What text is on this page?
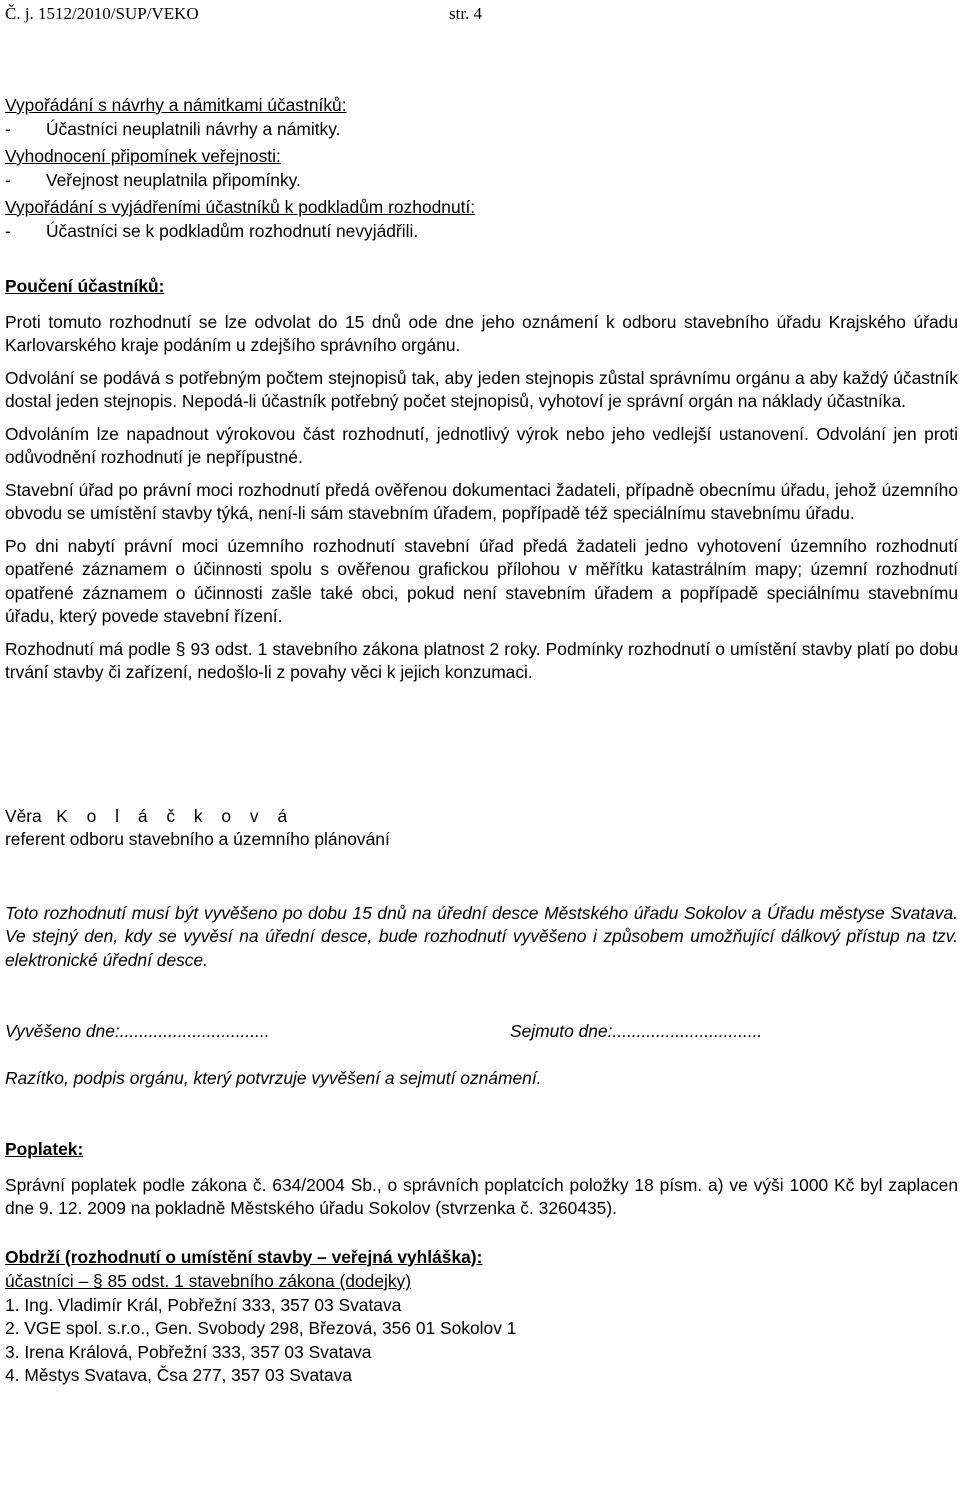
Č. j. 1512/2010/SUP/VEKO	str. 4

Vypořádání s návrhy a námitkami účastníků:

-	Účastníci neuplatnili návrhy a námitky.

Vyhodnocení připomínek veřejnosti:

-	Veřejnost neuplatnila připomínky.

Vypořádání s vyjádřeními účastníků k podkladům rozhodnutí:

-	Účastníci se k podkladům rozhodnutí nevyjádřili.

Poučení účastníků:

Proti tomuto rozhodnutí se lze odvolat do 15 dnů ode dne jeho oznámení k odboru stavebního úřadu Krajského úřadu Karlovarského kraje podáním u zdejšího správního orgánu.

Odvolání se podává s potřebným počtem stejnopisů tak, aby jeden stejnopis zůstal správnímu orgánu a aby každý účastník dostal jeden stejnopis. Nepodá-li účastník potřebný počet stejnopisů, vyhotoví je správní orgán na náklady účastníka.

Odvoláním lze napadnout výrokovou část rozhodnutí, jednotlivý výrok nebo jeho vedlejší ustanovení. Odvolání jen proti odůvodnění rozhodnutí je nepřípustné.

Stavební úřad po právní moci rozhodnutí předá ověřenou dokumentaci žadateli, případně obecnímu úřadu, jehož územního obvodu se umístění stavby týká, není-li sám stavebním úřadem, popřípadě též speciálnímu stavebnímu úřadu.

Po dni nabytí právní moci územního rozhodnutí stavební úřad předá žadateli jedno vyhotovení územního rozhodnutí opatřené záznamem o účinnosti spolu s ověřenou grafickou přílohou v měřítku katastrálním mapy; územní rozhodnutí opatřené záznamem o účinnosti zašle také obci, pokud není stavebním úřadem a popřípadě speciálnímu stavebnímu úřadu, který povede stavební řízení.

Rozhodnutí má podle § 93 odst. 1 stavebního zákona platnost 2 roky. Podmínky rozhodnutí o umístění stavby platí po dobu trvání stavby či zařízení, nedošlo-li z povahy věci k jejich konzumaci.

Věra K o l á č k o v á

referent odboru stavebního a územního plánování

Toto rozhodnutí musí být vyvěšeno po dobu 15 dnů na úřední desce Městského úřadu Sokolov a Úřadu městyse Svatava. Ve stejný den, kdy se vyvěsí na úřední desce, bude rozhodnutí vyvěšeno i způsobem umožňující dálkový přístup na tzv. elektronické úřední desce.

Vyvěšeno dne:...............................	Sejmuto dne:...............................

Razítko, podpis orgánu, který potvrzuje vyvěšení a sejmutí oznámení.

Poplatek:

Správní poplatek podle zákona č. 634/2004 Sb., o správních poplatcích položky 18 písm. a) ve výši 1000 Kč byl zaplacen dne 9. 12. 2009 na pokladně Městského úřadu Sokolov (stvrzenka č. 3260435).

Obdrží (rozhodnutí o umístění stavby – veřejná vyhláška):

účastníci – § 85 odst. 1 stavebního zákona (dodejky)

1. Ing. Vladimír Král, Pobřežní 333, 357 03 Svatava

2. VGE spol. s.r.o., Gen. Svobody 298, Březová, 356 01 Sokolov 1

3. Irena Králová, Pobřežní 333, 357 03 Svatava

4. Městys Svatava, Čsa 277, 357 03 Svatava
